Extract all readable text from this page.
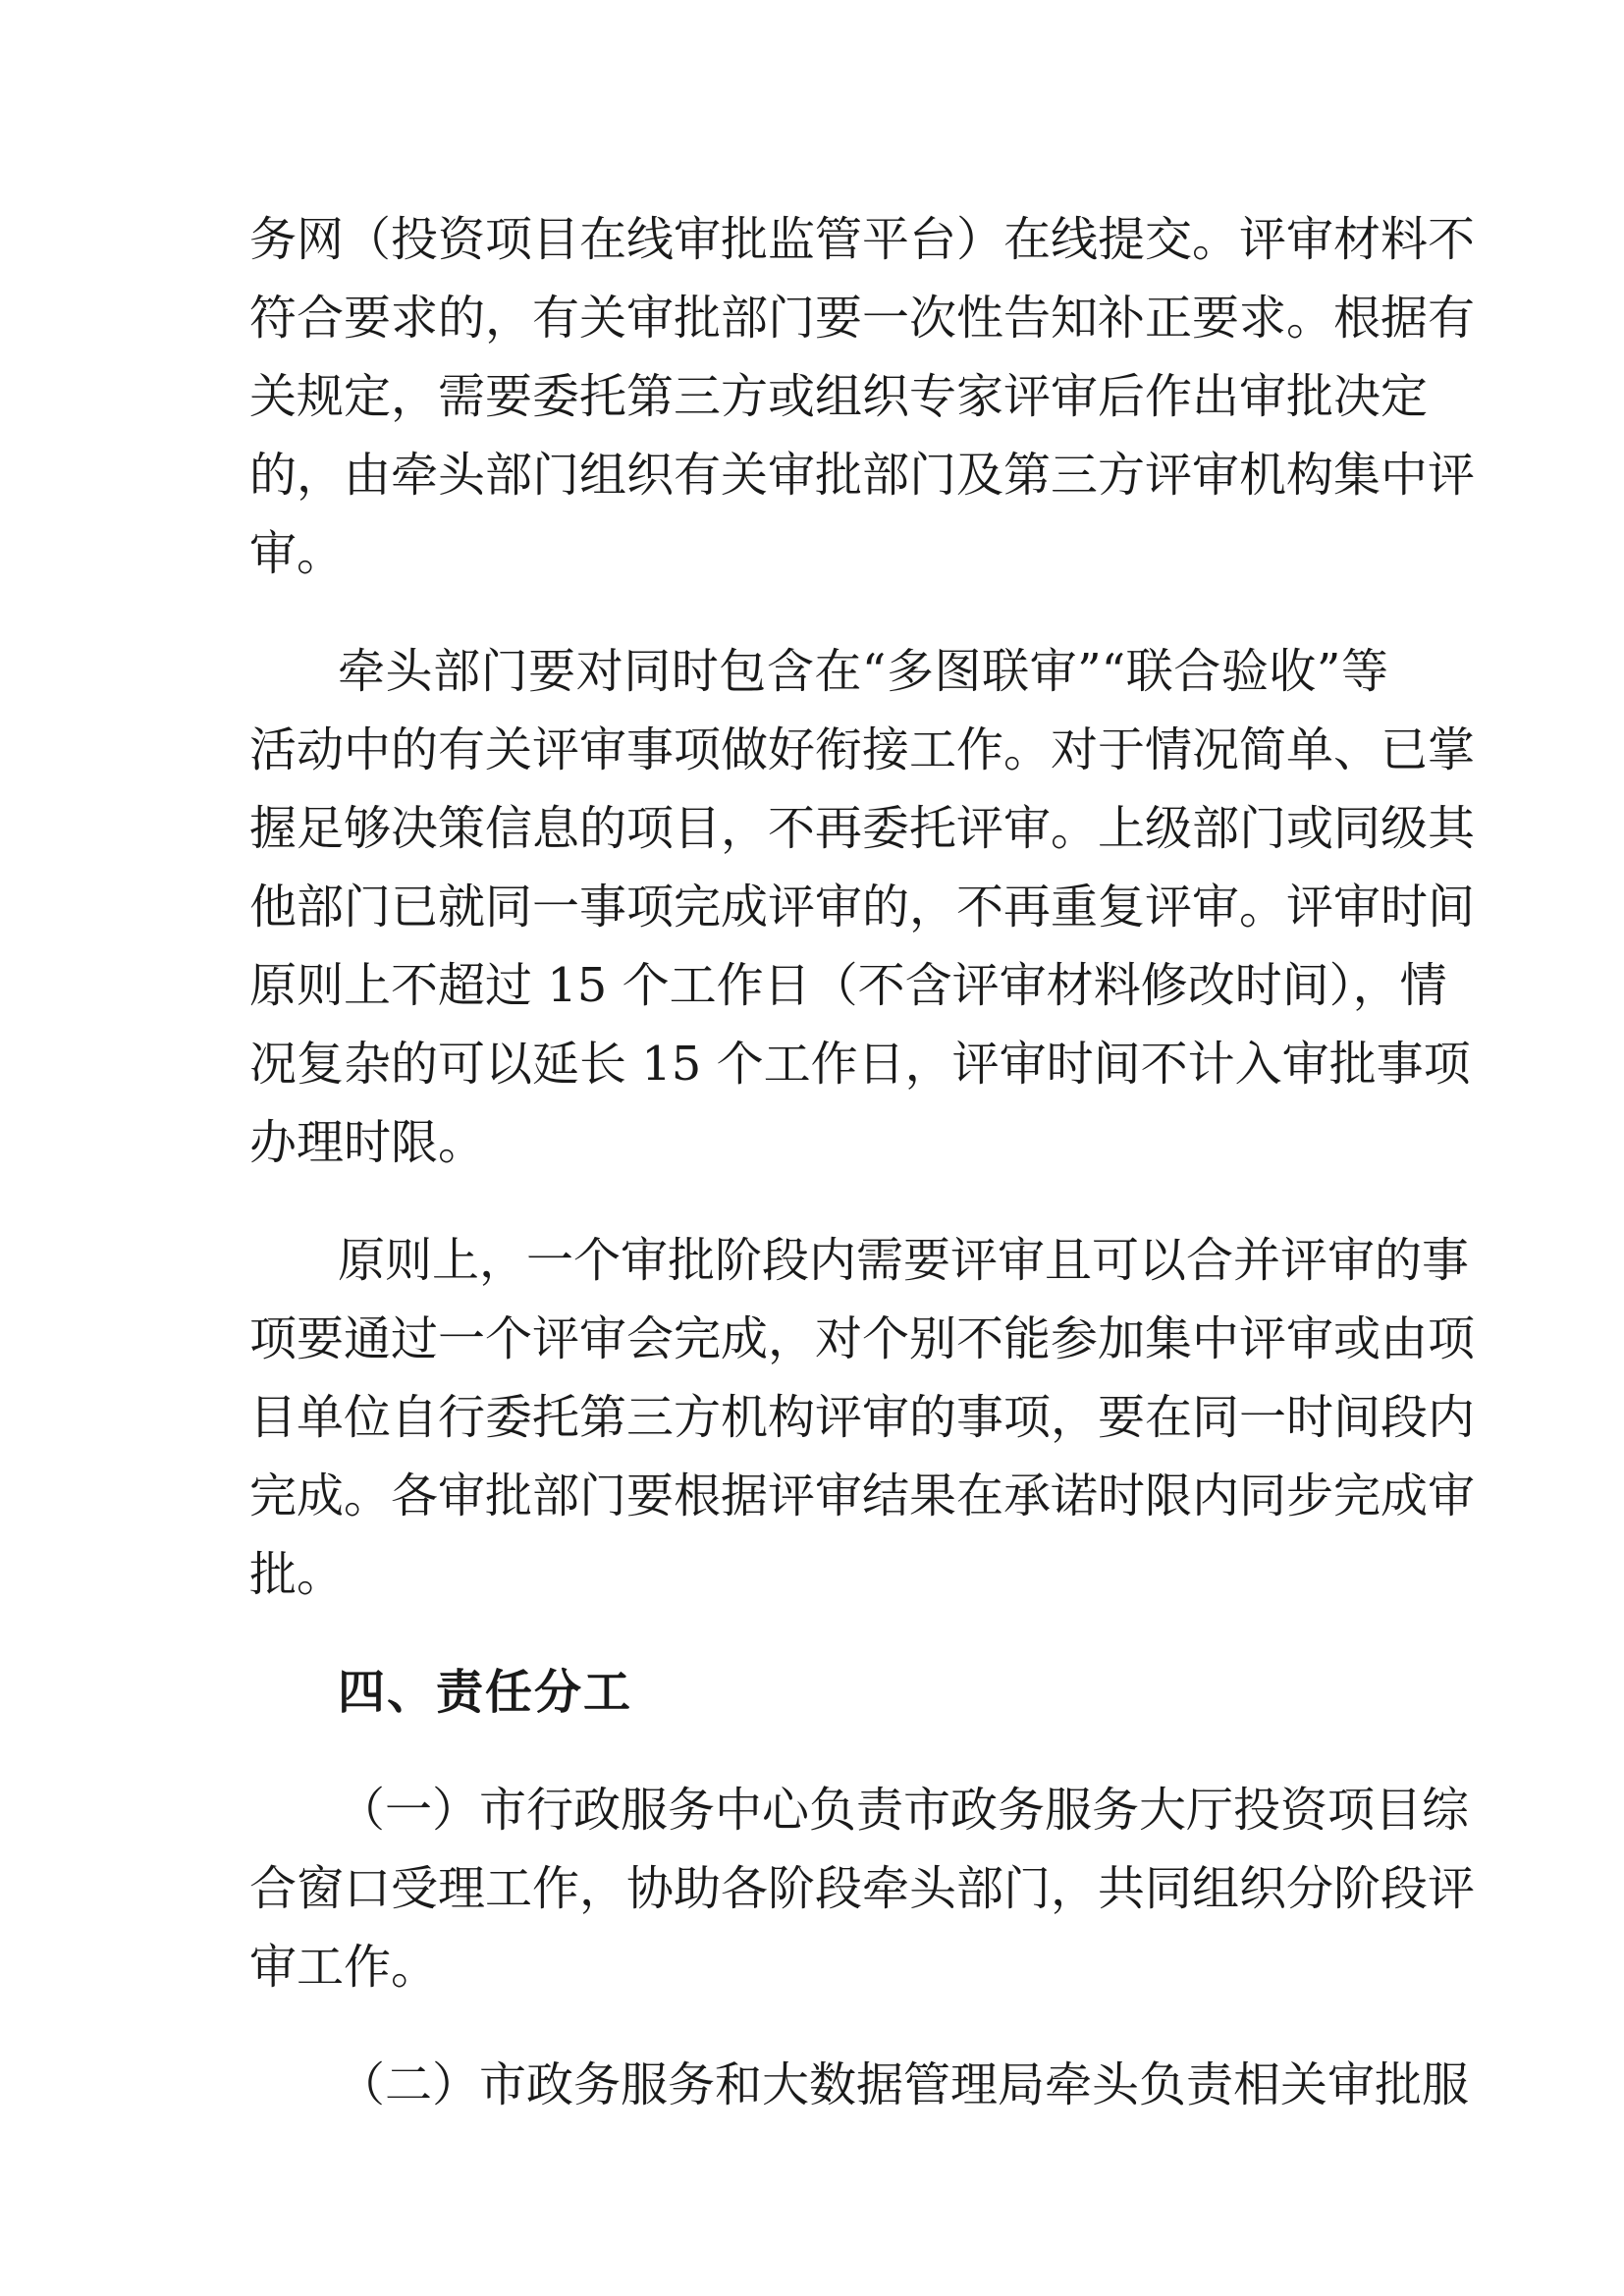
务网（投资项目在线审批监管平台）在线提交。评审材料不
符合要求的，有关审批部门要一次性告知补正要求。根据有
关规定，需要委托第三方或组织专家评审后作出审批决定
的，由牵头部门组织有关审批部门及第三方评审机构集中评
审。
牵头部门要对同时包含在“多图联审”“联合验收”等
活动中的有关评审事项做好衔接工作。对于情况简单、已掌
握足够决策信息的项目，不再委托评审。上级部门或同级其
他部门已就同一事项完成评审的，不再重复评审。评审时间
原则上不超过 15 个工作日（不含评审材料修改时间），情
况复杂的可以延长 15 个工作日，评审时间不计入审批事项
办理时限。
原则上，一个审批阶段内需要评审且可以合并评审的事
项要通过一个评审会完成，对个别不能参加集中评审或由项
目单位自行委托第三方机构评审的事项，要在同一时间段内
完成。各审批部门要根据评审结果在承诺时限内同步完成审
批。
四、责任分工
（一）市行政服务中心负责市政务服务大厅投资项目综
合窗口受理工作，协助各阶段牵头部门，共同组织分阶段评
审工作。
（二）市政务服务和大数据管理局牵头负责相关审批服
